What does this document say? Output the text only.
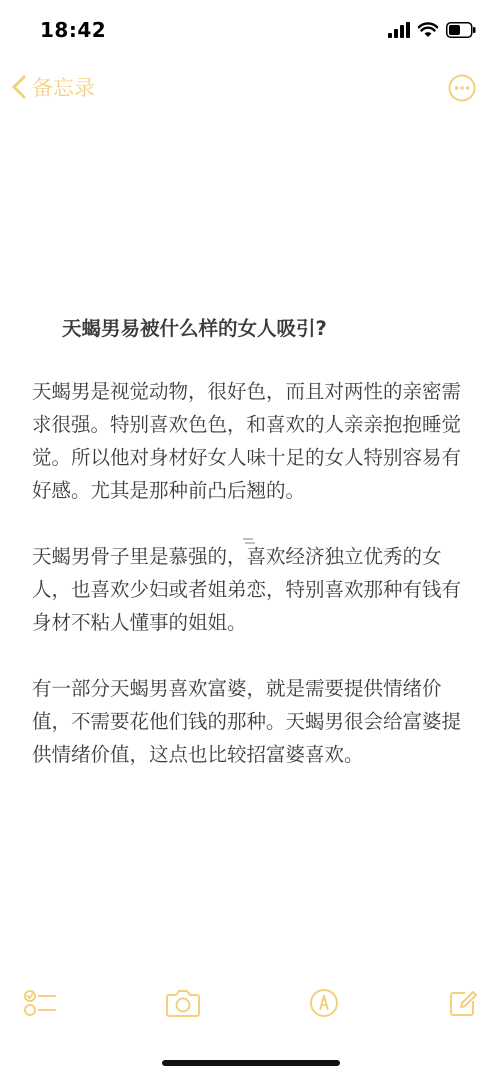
18:42
备忘录

天蝎男易被什么样的女人吸引?

天蝎男是视觉动物，很好色，而且对两性的亲密需求很强。特别喜欢色色，和喜欢的人亲亲抱抱睡觉觉。所以他对身材好女人味十足的女人特别容易有好感。尤其是那种前凸后翘的。

天蝎男骨子里是慕强的，喜欢经济独立优秀的女人，也喜欢少妇或者姐弟恋，特别喜欢那种有钱有身材不粘人懂事的姐姐。

有一部分天蝎男喜欢富婆，就是需要提供情绪价值，不需要花他们钱的那种。天蝎男很会给富婆提供情绪价值，这点也比较招富婆喜欢。
